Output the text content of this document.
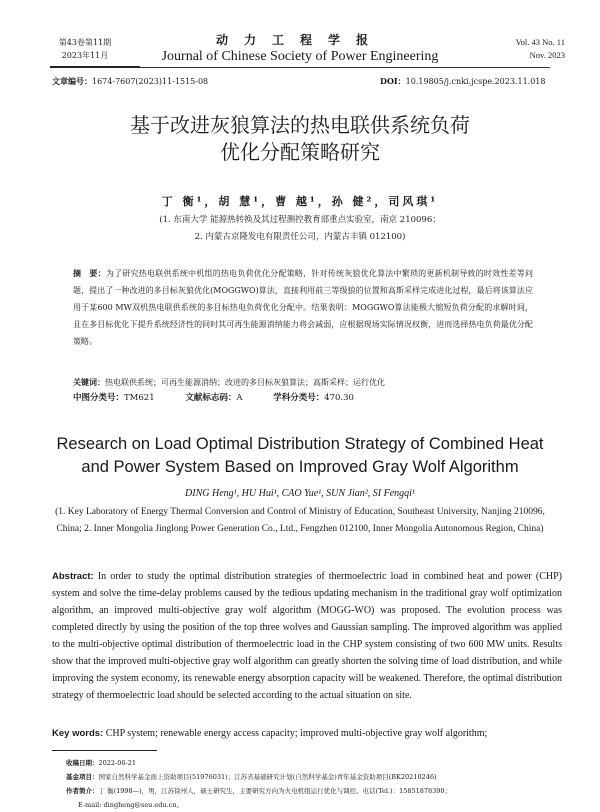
第43卷第11期
2023年11月
动力工程学报
Journal of Chinese Society of Power Engineering
Vol. 43 No. 11
Nov. 2023
文章编号：1674-7607(2023)11-1515-08	DOI：10.19805/j.cnki.jcspe.2023.11.018
基于改进灰狼算法的热电联供系统负荷
优化分配策略研究
丁 衡¹，胡 慧¹，曹 越¹，孙 健²，司风琪¹
(1. 东南大学 能源热转换及其过程测控教育部重点实验室，南京 210096；
2. 内蒙古京隆发电有限责任公司，内蒙古丰镇 012100)
摘　要：为了研究热电联供系统中机组的热电负荷优化分配策略，针对传统灰狼优化算法中繁琐的更新机制导致的时效性差等问题，提出了一种改进的多目标灰狼优化(MOGGWO)算法，直接利用前三等级狼的位置和高斯采样完成进化过程，最后将该算法应用于某600 MW双机热电联供系统的多目标热电负荷优化分配中。结果表明：MOGGWO算法能极大缩短负荷分配的求解时间，且在多目标优化下提升系统经济性的同时其可再生能源消纳能力将会减弱，应根据现场实际情况权衡，进而选择热电负荷最优分配策略。
关键词：热电联供系统；可再生能源消纳；改进的多目标灰狼算法；高斯采样；运行优化
中图分类号：TM621	文献标志码：A	学科分类号：470.30
Research on Load Optimal Distribution Strategy of Combined Heat
and Power System Based on Improved Gray Wolf Algorithm
DING Heng¹, HU Hui¹, CAO Yue¹, SUN Jian², SI Fengqi¹
(1. Key Laboratory of Energy Thermal Conversion and Control of Ministry of Education, Southeast University, Nanjing 210096, China; 2. Inner Mongolia Jinglong Power Generation Co., Ltd., Fengzhen 012100, Inner Mongolia Autonomous Region, China)
Abstract: In order to study the optimal distribution strategies of thermoelectric load in combined heat and power (CHP) system and solve the time-delay problems caused by the tedious updating mechanism in the traditional gray wolf optimization algorithm, an improved multi-objective gray wolf algorithm (MOGG-WO) was proposed. The evolution process was completed directly by using the position of the top three wolves and Gaussian sampling. The improved algorithm was applied to the multi-objective optimal distribution of thermoelectric load in the CHP system consisting of two 600 MW units. Results show that the improved multi-objective gray wolf algorithm can greatly shorten the solving time of load distribution, and while improving the system economy, its renewable energy absorption capacity will be weakened. Therefore, the optimal distribution strategy of thermoelectric load should be selected according to the actual situation on site.
Key words: CHP system; renewable energy access capacity; improved multi-objective gray wolf algorithm;
收稿日期：2022-06-21
基金项目：国家自然科学基金面上资助项目(51976031)；江苏省基础研究计划(自然科学基金)青年基金资助项目(BK20210246)
作者简介：丁 衡(1998—)，男，江苏徐州人，硕士研究生，主要研究方向为火电机组运行优化与调控。电话(Tel.)：15851878390；
E-mail: dingheng@seu.edu.cn。
